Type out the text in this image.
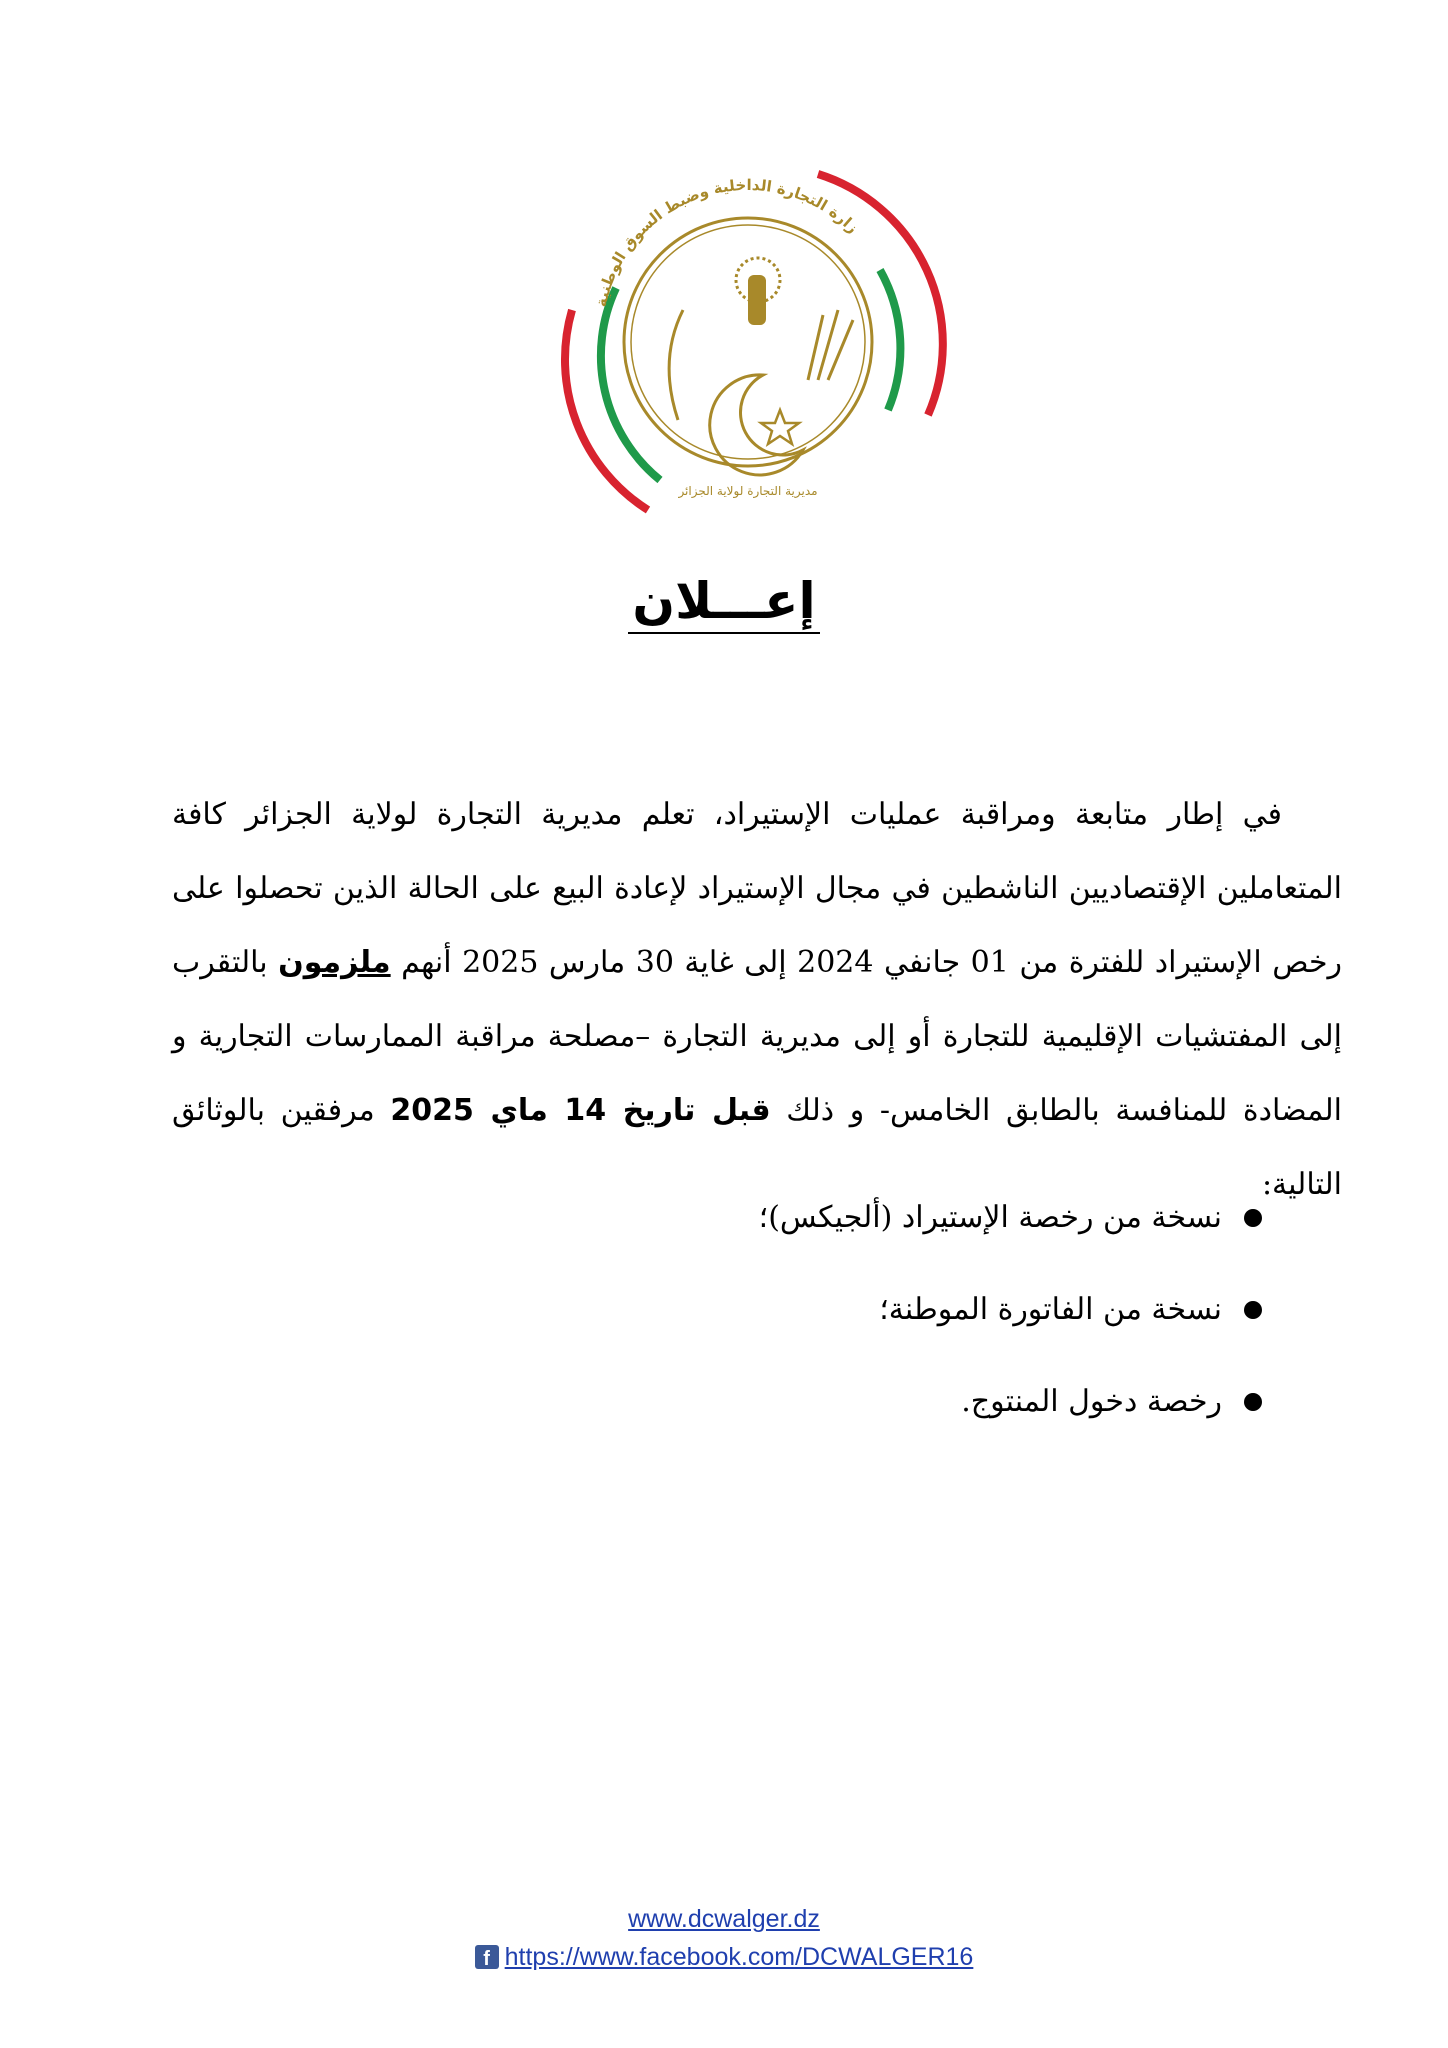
زارة التجارة الداخلية وضبط السوق الوطنية
مديرية التجارة لولاية الجزائر
إعـــلان
في إطار متابعة ومراقبة عمليات الإستيراد، تعلم مديرية التجارة لولاية الجزائر كافة المتعاملين الإقتصاديين الناشطين في مجال الإستيراد لإعادة البيع على الحالة الذين تحصلوا على رخص الإستيراد للفترة من 01 جانفي 2024 إلى غاية 30 مارس 2025 أنهم ملزمون بالتقرب إلى المفتشيات الإقليمية للتجارة أو إلى مديرية التجارة –مصلحة مراقبة الممارسات التجارية و المضادة للمنافسة بالطابق الخامس- و ذلك قبل تاريخ 14 ماي 2025 مرفقين بالوثائق التالية:
نسخة من رخصة الإستيراد (ألجيكس)؛
نسخة من الفاتورة الموطنة؛
رخصة دخول المنتوج.
www.dcwalger.dz
f https://www.facebook.com/DCWALGER16
